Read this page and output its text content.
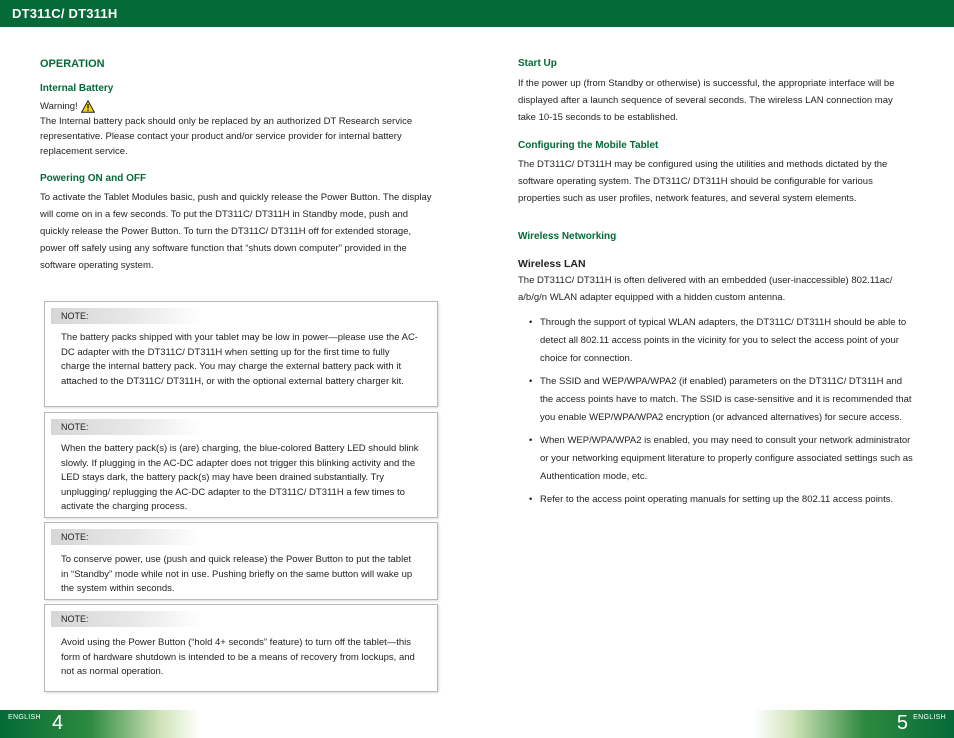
DT311C/ DT311H
OPERATION
Internal Battery
Warning!
The Internal battery pack should only be replaced by an authorized DT Research service representative. Please contact your product and/or service provider for internal battery replacement service.
Powering ON and OFF
To activate the Tablet Modules basic, push and quickly release the Power Button. The display will come on in a few seconds. To put the DT311C/ DT311H in Standby mode, push and quickly release the Power Button. To turn the DT311C/ DT311H off for extended storage, power off safely using any software function that “shuts down computer” provided in the software operating system.
NOTE:
The battery packs shipped with your tablet may be low in power—please use the AC-DC adapter with the DT311C/ DT311H when setting up for the first time to fully charge the internal battery pack. You may charge the external battery pack with it attached to the DT311C/ DT311H, or with the optional external battery charger kit.
NOTE:
When the battery pack(s) is (are) charging, the blue-colored Battery LED should blink slowly. If plugging in the AC-DC adapter does not trigger this blinking activity and the LED stays dark, the battery pack(s) may have been drained substantially. Try unplugging/ replugging the AC-DC adapter to the DT311C/ DT311H a few times to activate the charging process.
NOTE:
To conserve power, use (push and quick release) the Power Button to put the tablet in “Standby” mode while not in use. Pushing briefly on the same button will wake up the system within seconds.
NOTE:
Avoid using the Power Button (“hold 4+ seconds” feature) to turn off the tablet—this form of hardware shutdown is intended to be a means of recovery from lockups, and not as normal operation.
Start Up
If the power up (from Standby or otherwise) is successful, the appropriate interface will be displayed after a launch sequence of several seconds. The wireless LAN connection may take 10-15 seconds to be established.
Configuring the Mobile Tablet
The DT311C/ DT311H may be configured using the utilities and methods dictated by the software operating system. The DT311C/ DT311H should be configurable for various properties such as user profiles, network features, and several system elements.
Wireless Networking
Wireless LAN
The DT311C/ DT311H is often delivered with an embedded (user-inaccessible) 802.11ac/ a/b/g/n WLAN adapter equipped with a hidden custom antenna.
• Through the support of typical WLAN adapters, the DT311C/ DT311H should be able to detect all 802.11 access points in the vicinity for you to select the access point of your choice for connection.
• The SSID and WEP/WPA/WPA2 (if enabled) parameters on the DT311C/ DT311H and the access points have to match. The SSID is case-sensitive and it is recommended that you enable WEP/WPA/WPA2 encryption (or advanced alternatives) for secure access.
• When WEP/WPA/WPA2 is enabled, you may need to consult your network administrator or your networking equipment literature to properly configure associated settings such as Authentication mode, etc.
• Refer to the access point operating manuals for setting up the 802.11 access points.
ENGLISH 4	5 ENGLISH
